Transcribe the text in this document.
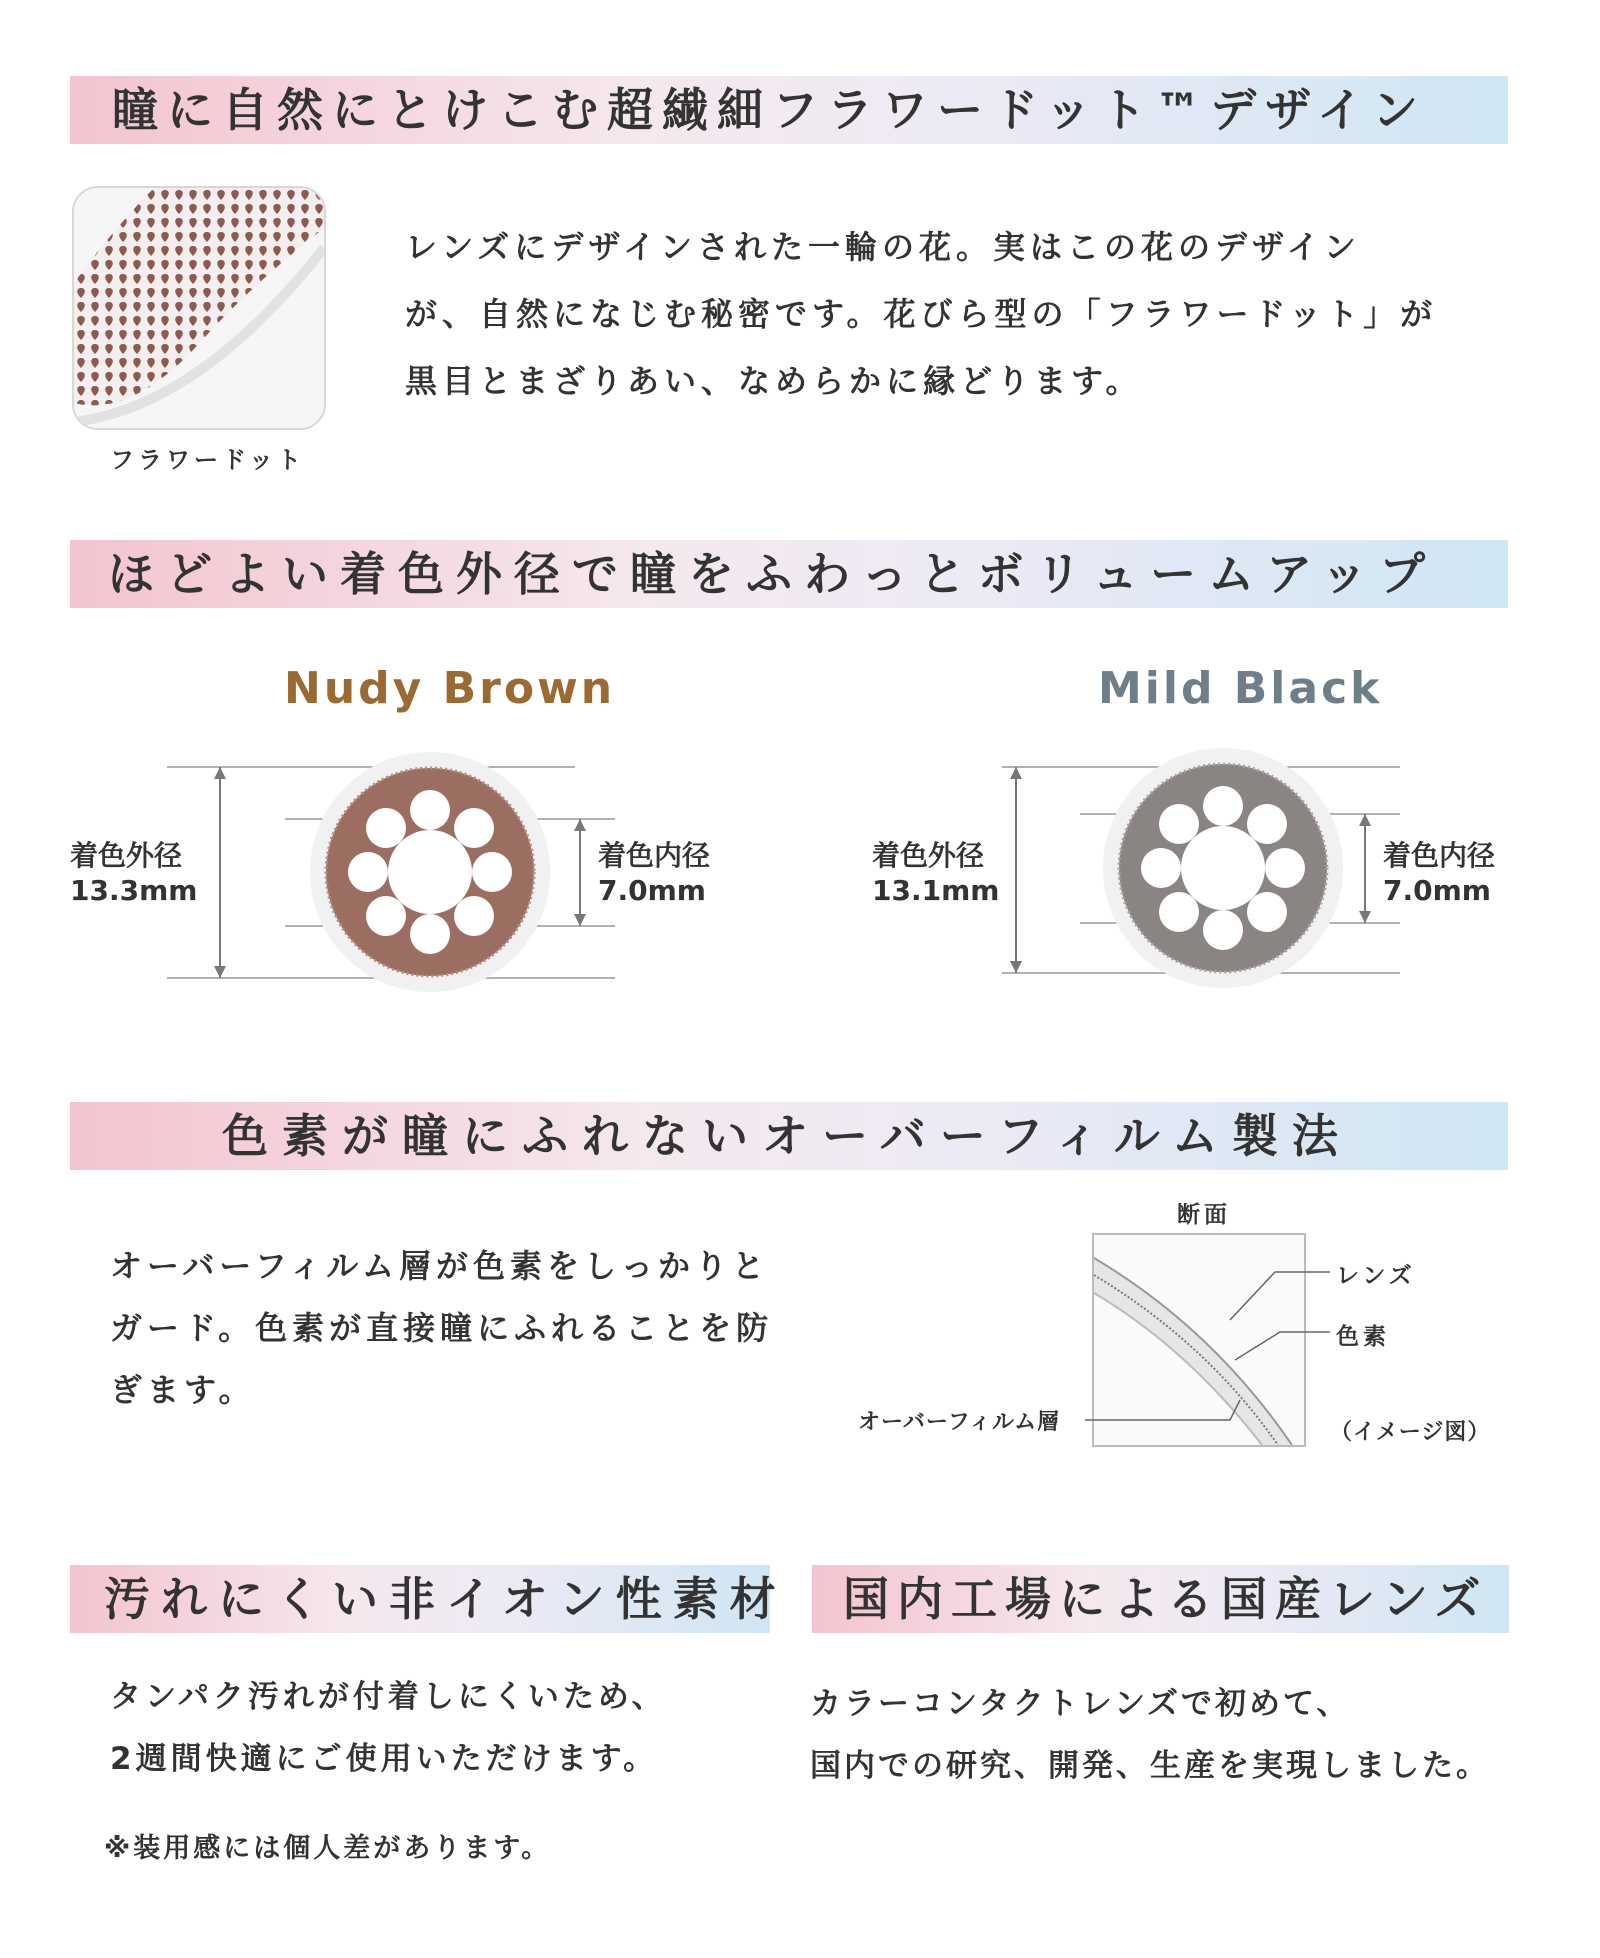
瞳に自然にとけこむ超繊細フラワードット™デザイン
フラワードット
レンズにデザインされた一輪の花。実はこの花のデザイン
が、自然になじむ秘密です。花びら型の「フラワードット」が
黒目とまざりあい、なめらかに縁どります。
ほどよい着色外径で瞳をふわっとボリュームアップ
Nudy Brown
着色外径
13.3mm
着色内径
7.0mm
Mild Black
着色外径
13.1mm
着色内径
7.0mm
色素が瞳にふれないオーバーフィルム製法
オーバーフィルム層が色素をしっかりと
ガード。色素が直接瞳にふれることを防
ぎます。
断面
レンズ
色素
オーバーフィルム層	（イメージ図）
汚れにくい非イオン性素材
タンパク汚れが付着しにくいため、
2週間快適にご使用いただけます。
※装用感には個人差があります。
国内工場による国産レンズ
カラーコンタクトレンズで初めて、
国内での研究、開発、生産を実現しました。
